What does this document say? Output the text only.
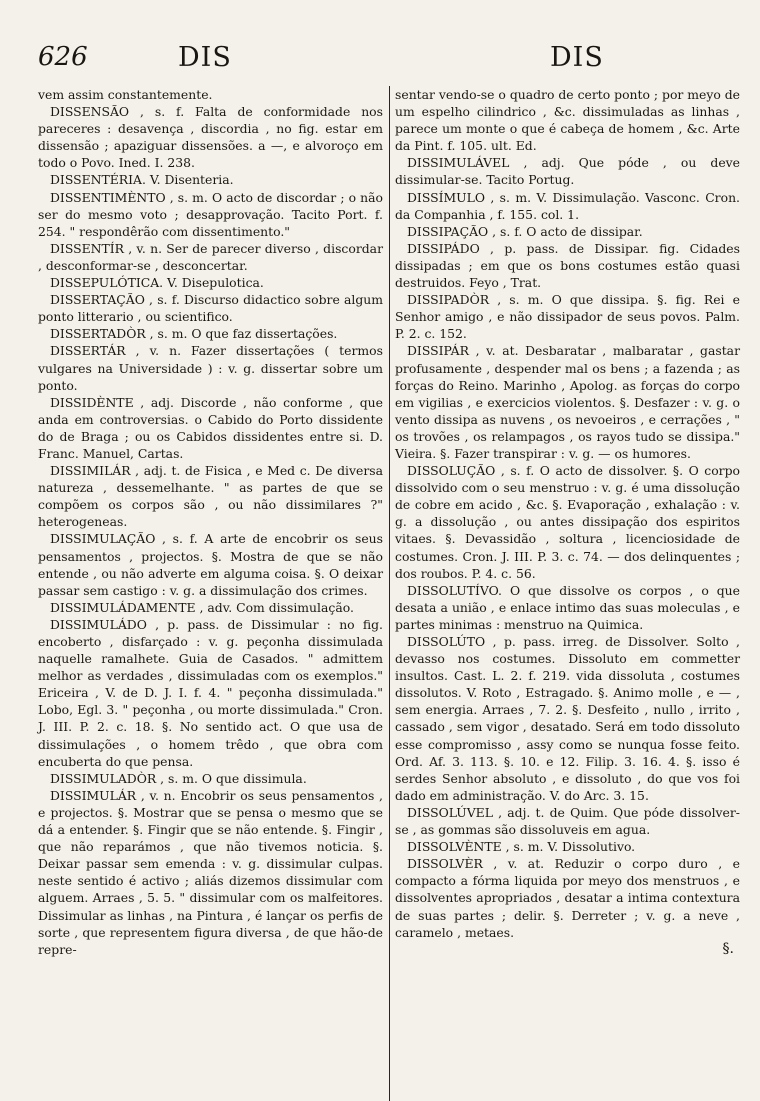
626	DIS	DIS

vem assim constantemente.

DISSENSÃO , s. f. Falta de conformidade nos pareceres : desavença , discordia , no fig. estar em dissensão ; apaziguar dissensões. a —, e alvoroço em todo o Povo. Ined. I. 238.

DISSENTÉRIA. V. Disenteria.

DISSENTIMÈNTO , s. m. O acto de discordar ; o não ser do mesmo voto ; desapprovação. Tacito Port. f. 254. " respondêrão com dissentimento."

DISSENTÍR , v. n. Ser de parecer diverso , discordar , desconformar-se , desconcertar.

DISSEPULÓTICA. V. Disepulotica.

DISSERTAÇÃO , s. f. Discurso didactico sobre algum ponto litterario , ou scientifico.

DISSERTADÒR , s. m. O que faz dissertações.

DISSERTÁR , v. n. Fazer dissertações ( termos vulgares na Universidade ) : v. g. dissertar sobre um ponto.

DISSIDÈNTE , adj. Discorde , não conforme , que anda em controversias. o Cabido do Porto dissidente do de Braga ; ou os Cabidos dissidentes entre si. D. Franc. Manuel, Cartas.

DISSIMILÁR , adj. t. de Fisica , e Med c. De diversa natureza , dessemelhante. " as partes de que se compõem os corpos são , ou não dissimilares ?" heterogeneas.

DISSIMULAÇÃO , s. f. A arte de encobrir os seus pensamentos , projectos. §. Mostra de que se não entende , ou não adverte em alguma coisa. §. O deixar passar sem castigo : v. g. a dissimulação dos crimes.

DISSIMULÁDAMENTE , adv. Com dissimulação.

DISSIMULÁDO , p. pass. de Dissimular : no fig. encoberto , disfarçado : v. g. peçonha dissimulada naquelle ramalhete. Guia de Casados. " admittem melhor as verdades , dissimuladas com os exemplos." Ericeira , V. de D. J. I. f. 4. " peçonha dissimulada." Lobo, Egl. 3. " peçonha , ou morte dissimulada." Cron. J. III. P. 2. c. 18. §. No sentido act. O que usa de dissimulações , o homem trêdo , que obra com encuberta do que pensa.

DISSIMULADÒR , s. m. O que dissimula.

DISSIMULÁR , v. n. Encobrir os seus pensamentos , e projectos. §. Mostrar que se pensa o mesmo que se dá a entender. §. Fingir que se não entende. §. Fingir , que não reparámos , que não tivemos noticia. §. Deixar passar sem emenda : v. g. dissimular culpas. neste sentido é activo ; aliás dizemos dissimular com alguem. Arraes , 5. 5. " dissimular com os malfeitores. Dissimular as linhas , na Pintura , é lançar os perfis de sorte , que representem figura diversa , de que hão-de repre-

sentar vendo-se o quadro de certo ponto ; por meyo de um espelho cilindrico , &c. dissimuladas as linhas , parece um monte o que é cabeça de homem , &c. Arte da Pint. f. 105. ult. Ed.

DISSIMULÁVEL , adj. Que póde , ou deve dissimular-se. Tacito Portug.

DISSÍMULO , s. m. V. Dissimulação. Vasconc. Cron. da Companhia , f. 155. col. 1.

DISSIPAÇÃO , s. f. O acto de dissipar.

DISSIPÁDO , p. pass. de Dissipar. fig. Cidades dissipadas ; em que os bons costumes estão quasi destruidos. Feyo , Trat.

DISSIPADÒR , s. m. O que dissipa. §. fig. Rei e Senhor amigo , e não dissipador de seus povos. Palm. P. 2. c. 152.

DISSIPÁR , v. at. Desbaratar , malbaratar , gastar profusamente , despender mal os bens ; a fazenda ; as forças do Reino. Marinho , Apolog. as forças do corpo em vigilias , e exercicios violentos. §. Desfazer : v. g. o vento dissipa as nuvens , os nevoeiros , e cerrações , " os trovões , os relampagos , os rayos tudo se dissipa." Vieira. §. Fazer transpirar : v. g. — os humores.

DISSOLUÇÃO , s. f. O acto de dissolver. §. O corpo dissolvido com o seu menstruo : v. g. é uma dissolução de cobre em acido , &c. §. Evaporação , exhalação : v. g. a dissolução , ou antes dissipação dos espiritos vitaes. §. Devassidão , soltura , licenciosidade de costumes. Cron. J. III. P. 3. c. 74. — dos delinquentes ; dos roubos. P. 4. c. 56.

DISSOLUTÍVO. O que dissolve os corpos , o que desata a união , e enlace intimo das suas moleculas , e partes minimas : menstruo na Quimica.

DISSOLÚTO , p. pass. irreg. de Dissolver. Solto , devasso nos costumes. Dissoluto em commetter insultos. Cast. L. 2. f. 219. vida dissoluta , costumes dissolutos. V. Roto , Estragado. §. Animo molle , e — , sem energia. Arraes , 7. 2. §. Desfeito , nullo , irrito , cassado , sem vigor , desatado. Será em todo dissoluto esse compromisso , assy como se nunqua fosse feito. Ord. Af. 3. 113. §. 10. e 12. Filip. 3. 16. 4. §. isso é serdes Senhor absoluto , e dissoluto , do que vos foi dado em administração. V. do Arc. 3. 15.

DISSOLÚVEL , adj. t. de Quim. Que póde dissolver-se , as gommas são dissoluveis em agua.

DISSOLVÈNTE , s. m. V. Dissolutivo.

DISSOLVÈR , v. at. Reduzir o corpo duro , e compacto a fórma liquida por meyo dos menstruos , e dissolventes apropriados , desatar a intima contextura de suas partes ; delir. §. Derreter ; v. g. a neve , caramelo , metaes.

§.
